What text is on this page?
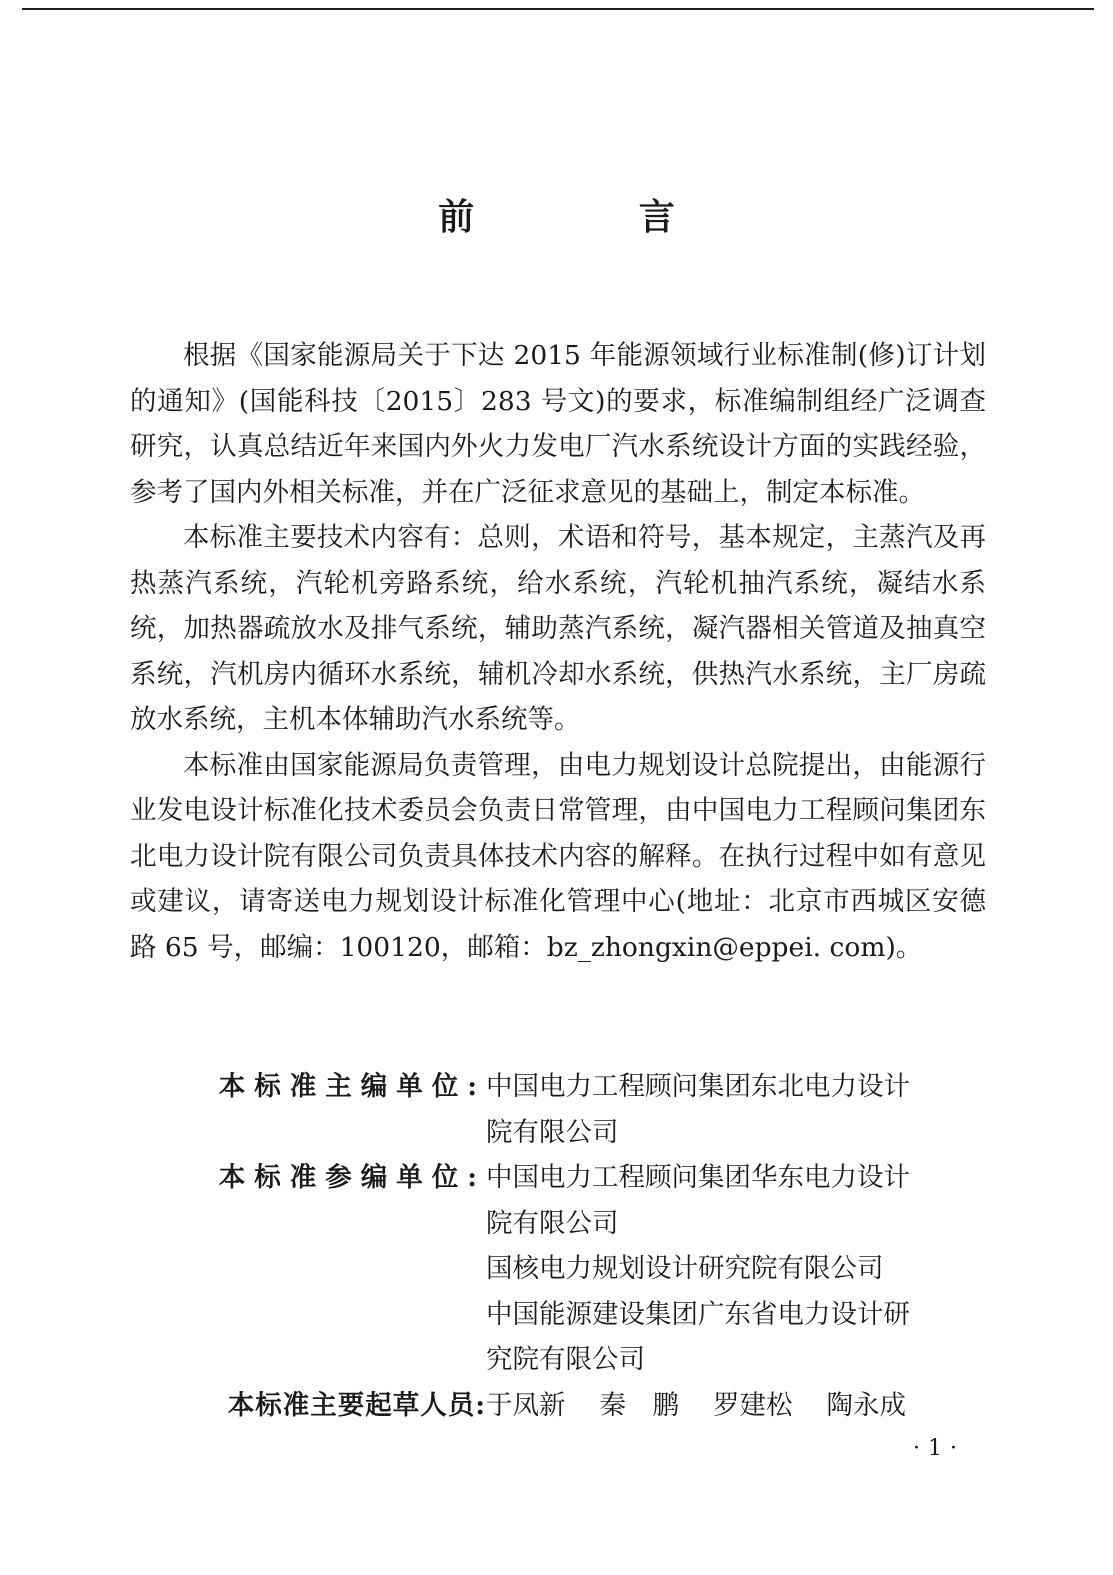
前 言

根据《国家能源局关于下达 2015 年能源领域行业标准制(修)订计划的通知》(国能科技〔2015〕283 号文)的要求，标准编制组经广泛调查研究，认真总结近年来国内外火力发电厂汽水系统设计方面的实践经验，参考了国内外相关标准，并在广泛征求意见的基础上，制定本标准。

本标准主要技术内容有：总则，术语和符号，基本规定，主蒸汽及再热蒸汽系统，汽轮机旁路系统，给水系统，汽轮机抽汽系统，凝结水系统，加热器疏放水及排气系统，辅助蒸汽系统，凝汽器相关管道及抽真空系统，汽机房内循环水系统，辅机冷却水系统，供热汽水系统，主厂房疏放水系统，主机本体辅助汽水系统等。

本标准由国家能源局负责管理，由电力规划设计总院提出，由能源行业发电设计标准化技术委员会负责日常管理，由中国电力工程顾问集团东北电力设计院有限公司负责具体技术内容的解释。在执行过程中如有意见或建议，请寄送电力规划设计标准化管理中心(地址：北京市西城区安德路 65 号，邮编：100120，邮箱：bz_zhongxin@eppei. com)。

本标准主编单位: 中国电力工程顾问集团东北电力设计
院有限公司
本标准参编单位: 中国电力工程顾问集团华东电力设计
院有限公司
国核电力规划设计研究院有限公司
中国能源建设集团广东省电力设计研
究院有限公司
本标准主要起草人员: 于凤新 秦　鹏 罗建松 陶永成
·1·
